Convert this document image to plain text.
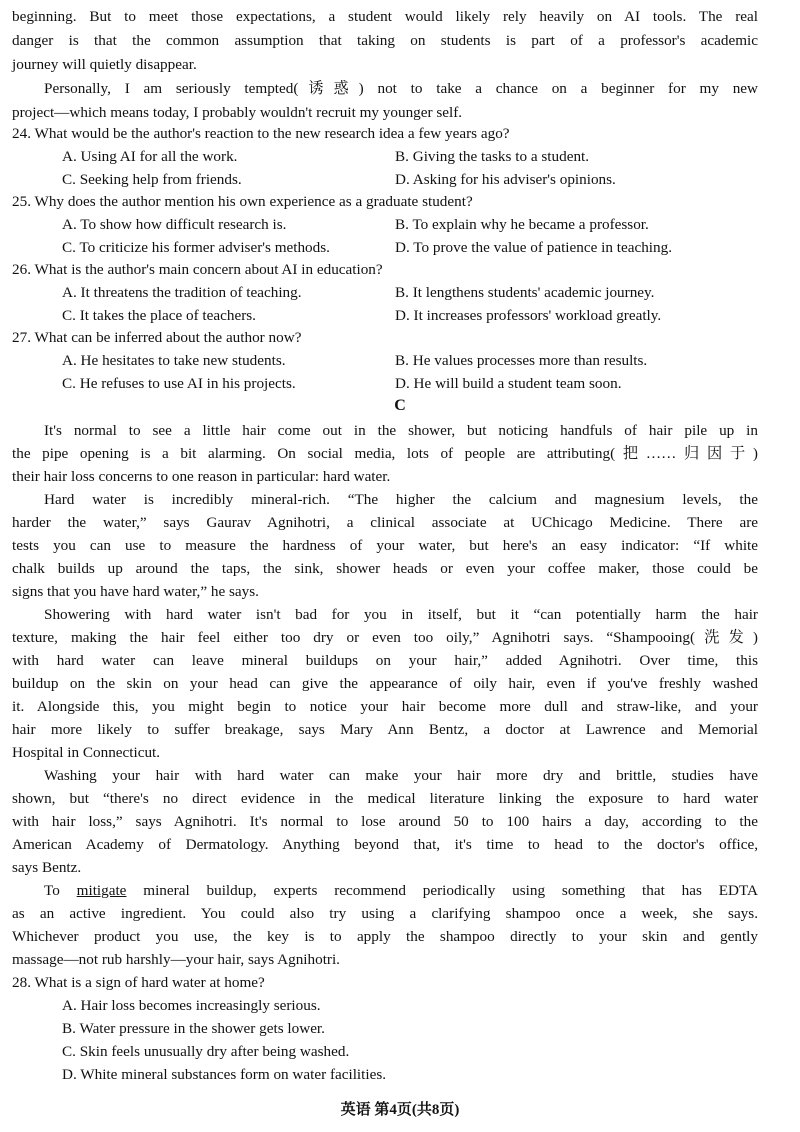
beginning. But to meet those expectations, a student would likely rely heavily on AI tools. The real
danger is that the common assumption that taking on students is part of a professor's academic
journey will quietly disappear.
Personally, I am seriously tempted(诱惑) not to take a chance on a beginner for my new
project—which means today, I probably wouldn't recruit my younger self.
24. What would be the author's reaction to the new research idea a few years ago?
A. Using AI for all the work.	B. Giving the tasks to a student.
C. Seeking help from friends.	D. Asking for his adviser's opinions.
25. Why does the author mention his own experience as a graduate student?
A. To show how difficult research is.	B. To explain why he became a professor.
C. To criticize his former adviser's methods.	D. To prove the value of patience in teaching.
26. What is the author's main concern about AI in education?
A. It threatens the tradition of teaching.	B. It lengthens students' academic journey.
C. It takes the place of teachers.	D. It increases professors' workload greatly.
27. What can be inferred about the author now?
A. He hesitates to take new students.	B. He values processes more than results.
C. He refuses to use AI in his projects.	D. He will build a student team soon.
C
It's normal to see a little hair come out in the shower, but noticing handfuls of hair pile up in
the pipe opening is a bit alarming. On social media, lots of people are attributing(把……归因于)
their hair loss concerns to one reason in particular: hard water.
Hard water is incredibly mineral-rich. “The higher the calcium and magnesium levels, the
harder the water,” says Gaurav Agnihotri, a clinical associate at UChicago Medicine. There are
tests you can use to measure the hardness of your water, but here's an easy indicator: “If white
chalk builds up around the taps, the sink, shower heads or even your coffee maker, those could be
signs that you have hard water,” he says.
Showering with hard water isn't bad for you in itself, but it “can potentially harm the hair
texture, making the hair feel either too dry or even too oily,” Agnihotri says. “Shampooing(洗发)
with hard water can leave mineral buildups on your hair,” added Agnihotri. Over time, this
buildup on the skin on your head can give the appearance of oily hair, even if you've freshly washed
it. Alongside this, you might begin to notice your hair become more dull and straw-like, and your
hair more likely to suffer breakage, says Mary Ann Bentz, a doctor at Lawrence and Memorial
Hospital in Connecticut.
Washing your hair with hard water can make your hair more dry and brittle, studies have
shown, but “there's no direct evidence in the medical literature linking the exposure to hard water
with hair loss,” says Agnihotri. It's normal to lose around 50 to 100 hairs a day, according to the
American Academy of Dermatology. Anything beyond that, it's time to head to the doctor's office,
says Bentz.
To mitigate mineral buildup, experts recommend periodically using something that has EDTA
as an active ingredient. You could also try using a clarifying shampoo once a week, she says.
Whichever product you use, the key is to apply the shampoo directly to your skin and gently
massage—not rub harshly—your hair, says Agnihotri.
28. What is a sign of hard water at home?
A. Hair loss becomes increasingly serious.
B. Water pressure in the shower gets lower.
C. Skin feels unusually dry after being washed.
D. White mineral substances form on water facilities.
英语 第4页(共8页)
